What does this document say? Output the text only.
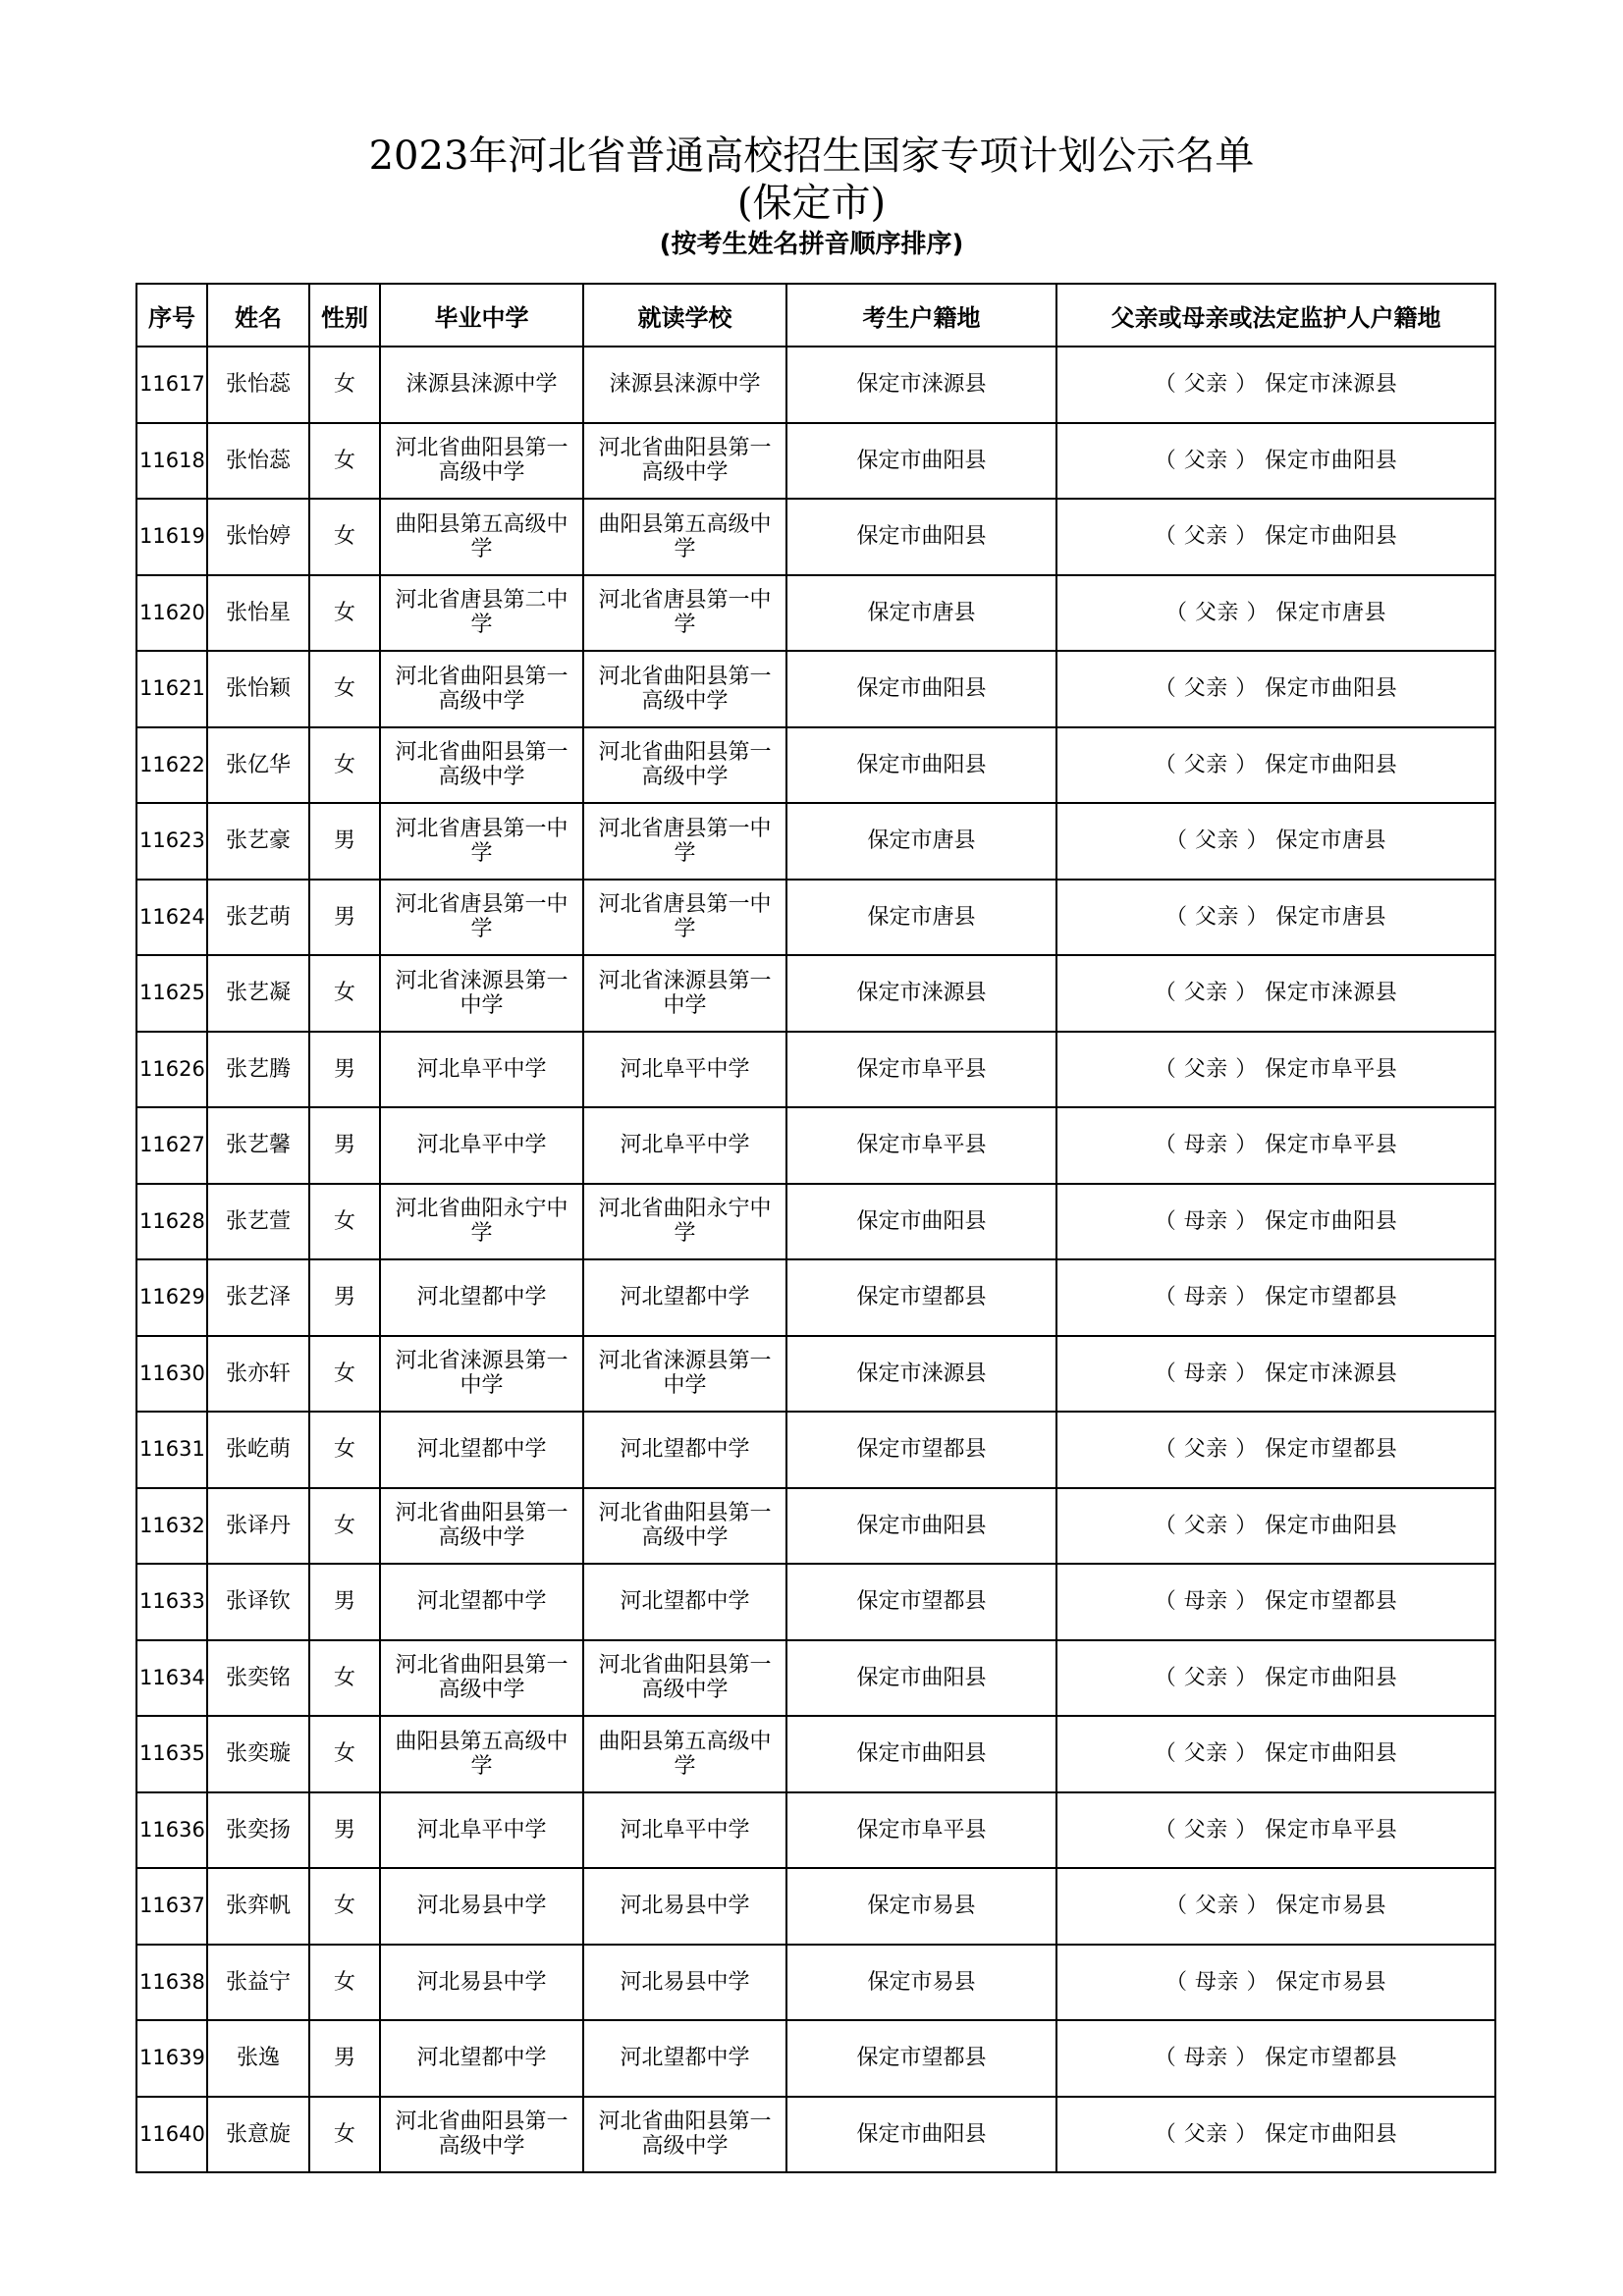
2023年河北省普通高校招生国家专项计划公示名单
(保定市)
(按考生姓名拼音顺序排序)
序号	姓名	性别	毕业中学	就读学校	考生户籍地	父亲或母亲或法定监护人户籍地
11617	张怡蕊	女	涞源县涞源中学	涞源县涞源中学	保定市涞源县	（ 父亲 ） 保定市涞源县
11618	张怡蕊	女	河北省曲阳县第一高级中学	河北省曲阳县第一高级中学	保定市曲阳县	（ 父亲 ） 保定市曲阳县
11619	张怡婷	女	曲阳县第五高级中学	曲阳县第五高级中学	保定市曲阳县	（ 父亲 ） 保定市曲阳县
11620	张怡星	女	河北省唐县第二中学	河北省唐县第一中学	保定市唐县	（ 父亲 ） 保定市唐县
11621	张怡颖	女	河北省曲阳县第一高级中学	河北省曲阳县第一高级中学	保定市曲阳县	（ 父亲 ） 保定市曲阳县
11622	张亿华	女	河北省曲阳县第一高级中学	河北省曲阳县第一高级中学	保定市曲阳县	（ 父亲 ） 保定市曲阳县
11623	张艺豪	男	河北省唐县第一中学	河北省唐县第一中学	保定市唐县	（ 父亲 ） 保定市唐县
11624	张艺萌	男	河北省唐县第一中学	河北省唐县第一中学	保定市唐县	（ 父亲 ） 保定市唐县
11625	张艺凝	女	河北省涞源县第一中学	河北省涞源县第一中学	保定市涞源县	（ 父亲 ） 保定市涞源县
11626	张艺腾	男	河北阜平中学	河北阜平中学	保定市阜平县	（ 父亲 ） 保定市阜平县
11627	张艺馨	男	河北阜平中学	河北阜平中学	保定市阜平县	（ 母亲 ） 保定市阜平县
11628	张艺萱	女	河北省曲阳永宁中学	河北省曲阳永宁中学	保定市曲阳县	（ 母亲 ） 保定市曲阳县
11629	张艺泽	男	河北望都中学	河北望都中学	保定市望都县	（ 母亲 ） 保定市望都县
11630	张亦轩	女	河北省涞源县第一中学	河北省涞源县第一中学	保定市涞源县	（ 母亲 ） 保定市涞源县
11631	张屹萌	女	河北望都中学	河北望都中学	保定市望都县	（ 父亲 ） 保定市望都县
11632	张译丹	女	河北省曲阳县第一高级中学	河北省曲阳县第一高级中学	保定市曲阳县	（ 父亲 ） 保定市曲阳县
11633	张译钦	男	河北望都中学	河北望都中学	保定市望都县	（ 母亲 ） 保定市望都县
11634	张奕铭	女	河北省曲阳县第一高级中学	河北省曲阳县第一高级中学	保定市曲阳县	（ 父亲 ） 保定市曲阳县
11635	张奕璇	女	曲阳县第五高级中学	曲阳县第五高级中学	保定市曲阳县	（ 父亲 ） 保定市曲阳县
11636	张奕扬	男	河北阜平中学	河北阜平中学	保定市阜平县	（ 父亲 ） 保定市阜平县
11637	张弈帆	女	河北易县中学	河北易县中学	保定市易县	（ 父亲 ） 保定市易县
11638	张益宁	女	河北易县中学	河北易县中学	保定市易县	（ 母亲 ） 保定市易县
11639	张逸	男	河北望都中学	河北望都中学	保定市望都县	（ 母亲 ） 保定市望都县
11640	张意旋	女	河北省曲阳县第一高级中学	河北省曲阳县第一高级中学	保定市曲阳县	（ 父亲 ） 保定市曲阳县
